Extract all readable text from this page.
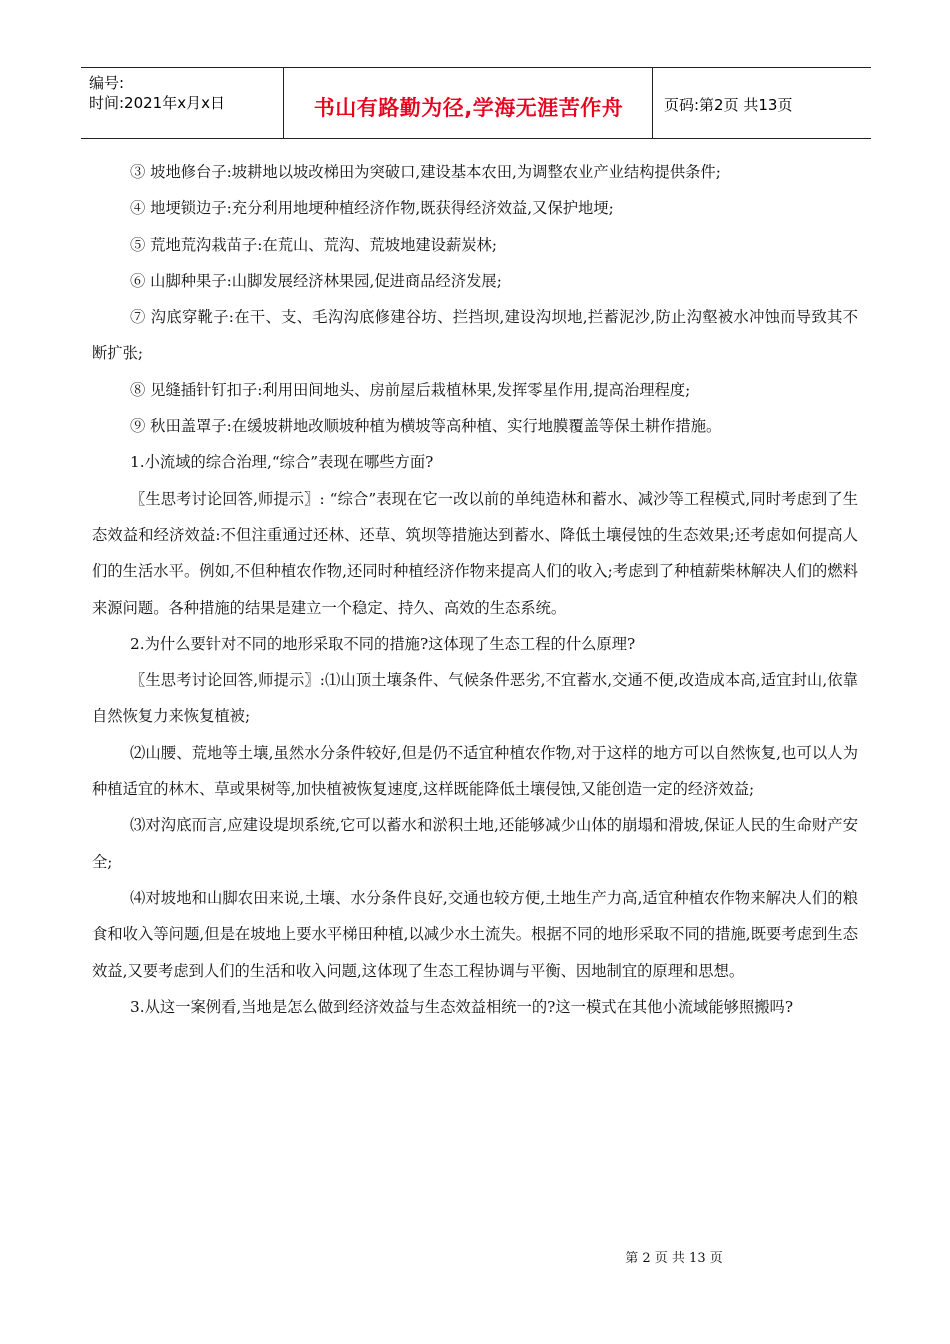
编号:
时间:2021年x月x日	书山有路勤为径,学海无涯苦作舟	页码:第2页 共13页

③ 坡地修台子:坡耕地以坡改梯田为突破口,建设基本农田,为调整农业产业结构提供条件;

④ 地埂锁边子:充分利用地埂种植经济作物,既获得经济效益,又保护地埂;

⑤ 荒地荒沟栽苗子:在荒山、荒沟、荒坡地建设薪炭林;

⑥ 山脚种果子:山脚发展经济林果园,促进商品经济发展;

⑦ 沟底穿靴子:在干、支、毛沟沟底修建谷坊、拦挡坝,建设沟坝地,拦蓄泥沙,防止沟壑被水冲蚀而导致其不断扩张;

⑧ 见缝插针钉扣子:利用田间地头、房前屋后栽植林果,发挥零星作用,提高治理程度;

⑨ 秋田盖罩子:在缓坡耕地改顺坡种植为横坡等高种植、实行地膜覆盖等保土耕作措施。

1.小流域的综合治理,“综合”表现在哪些方面?

〖生思考讨论回答,师提示〗: “综合”表现在它一改以前的单纯造林和蓄水、减沙等工程模式,同时考虑到了生态效益和经济效益:不但注重通过还林、还草、筑坝等措施达到蓄水、降低土壤侵蚀的生态效果;还考虑如何提高人们的生活水平。例如,不但种植农作物,还同时种植经济作物来提高人们的收入;考虑到了种植薪柴林解决人们的燃料来源问题。各种措施的结果是建立一个稳定、持久、高效的生态系统。

2.为什么要针对不同的地形采取不同的措施?这体现了生态工程的什么原理?

〖生思考讨论回答,师提示〗:⑴山顶土壤条件、气候条件恶劣,不宜蓄水,交通不便,改造成本高,适宜封山,依靠自然恢复力来恢复植被;

⑵山腰、荒地等土壤,虽然水分条件较好,但是仍不适宜种植农作物,对于这样的地方可以自然恢复,也可以人为种植适宜的林木、草或果树等,加快植被恢复速度,这样既能降低土壤侵蚀,又能创造一定的经济效益;

⑶对沟底而言,应建设堤坝系统,它可以蓄水和淤积土地,还能够减少山体的崩塌和滑坡,保证人民的生命财产安全;

⑷对坡地和山脚农田来说,土壤、水分条件良好,交通也较方便,土地生产力高,适宜种植农作物来解决人们的粮食和收入等问题,但是在坡地上要水平梯田种植,以减少水土流失。根据不同的地形采取不同的措施,既要考虑到生态效益,又要考虑到人们的生活和收入问题,这体现了生态工程协调与平衡、因地制宜的原理和思想。

3.从这一案例看,当地是怎么做到经济效益与生态效益相统一的?这一模式在其他小流域能够照搬吗?

第 2 页 共 13 页
